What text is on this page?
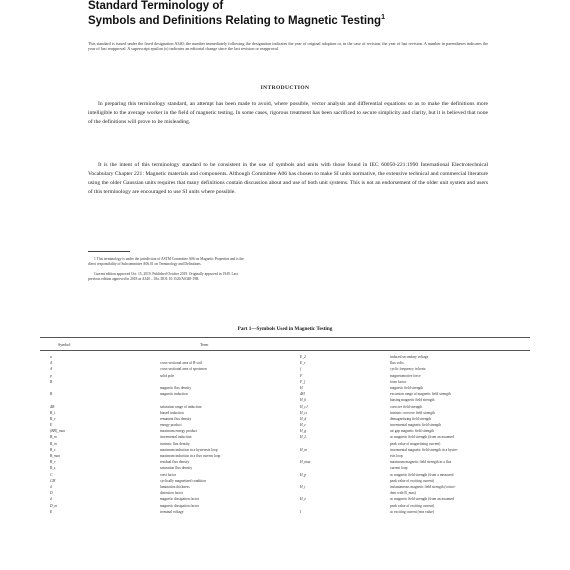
Standard Terminology of
Symbols and Definitions Relating to Magnetic Testing$^1$
This standard is issued under the fixed designation A340; the number immediately following the designation indicates the year of original adoption or, in the case of revision, the year of last revision. A number in parentheses indicates the year of last reapproval. A superscript epsilon (ε) indicates an editorial change since the last revision or reapproval.
INTRODUCTION
In preparing this terminology standard, an attempt has been made to avoid, where possible, vector analysis and differential equations so as to make the definitions more intelligible to the average worker in the field of magnetic testing. In some cases, rigorous treatment has been sacrificed to secure simplicity and clarity, but it is believed that none of the definitions will prove to be misleading.
It is the intent of this terminology standard to be consistent in the use of symbols and units with those found in IEC 60050-221:1990 International Electrotechnical Vocabulary Chapter 221: Magnetic materials and components. Although Committee A06 has chosen to make SI units normative, the extensive technical and commercial literature using the older Gaussian units requires that many definitions contain discussion about and use of both unit systems. This is not an endorsement of the older unit system and users of this terminology are encouraged to use SI units where possible.
1 This terminology is under the jurisdiction of ASTM Committee A06 on Magnetic Properties and is the direct responsibility of Subcommittee A06.01 on Terminology and Definitions.
Current edition approved Oct. 15, 2019. Published October 2019. Originally approved in 1949. Last previous edition approved in 2018 as A340 – 18a. DOI: 10.1520/A0340-19B.
Part 1—Symbols Used in Magnetic Testing
Symbol	Term
a
A
A
p
B
B
ΔB
B_i
B_r
E
(BH)_max
B_m
B_in
B_s
B_max
B_r
B_s
C
CM
d
D
d
D_m
E
cross-sectional area of B-coil
cross-sectional area of specimen
solid pole
magnetic flux density
magnetic induction
saturation range of induction
biased induction
remanent flux density
energy product
maximum energy product
incremental induction
intrinsic flux density
maximum induction in a hysteresis loop
maximum induction in a flux current loop
residual flux density
saturation flux density
crest factor
cyclically magnetized condition
lamination thickness
distortion factor
magnetic dissipation factor
magnetic dissipation factor
terminal voltage
E_2
E_r
f
F
F_f
H
ΔH
H_b
H_cJ
H_ci
H_d
H_e
H_g
H_L
H_m
H_max
H_p
H_t
H_z
I
induced secondary voltage
flux volts
cyclic frequency in hertz
magnetomotive force
form factor
magnetic field strength
excursion range of magnetic field strength
biasing magnetic field strength
coercive field strength
intrinsic coercive field strength
demagnetizing field strength
incremental magnetic field strength
air gap magnetic field strength
ac magnetic field strength (from an assumed
peak value of magnetizing current)
incremental magnetic field strength in a hyster-
esis loop
maximum magnetic field strength in a flux
current loop
ac magnetic field strength (from a measured
peak value of exciting current)
instantaneous magnetic field strength (coinci-
dent with B_max)
ac magnetic field strength (from an assumed
peak value of exciting current)
ac exciting current (rms value)
